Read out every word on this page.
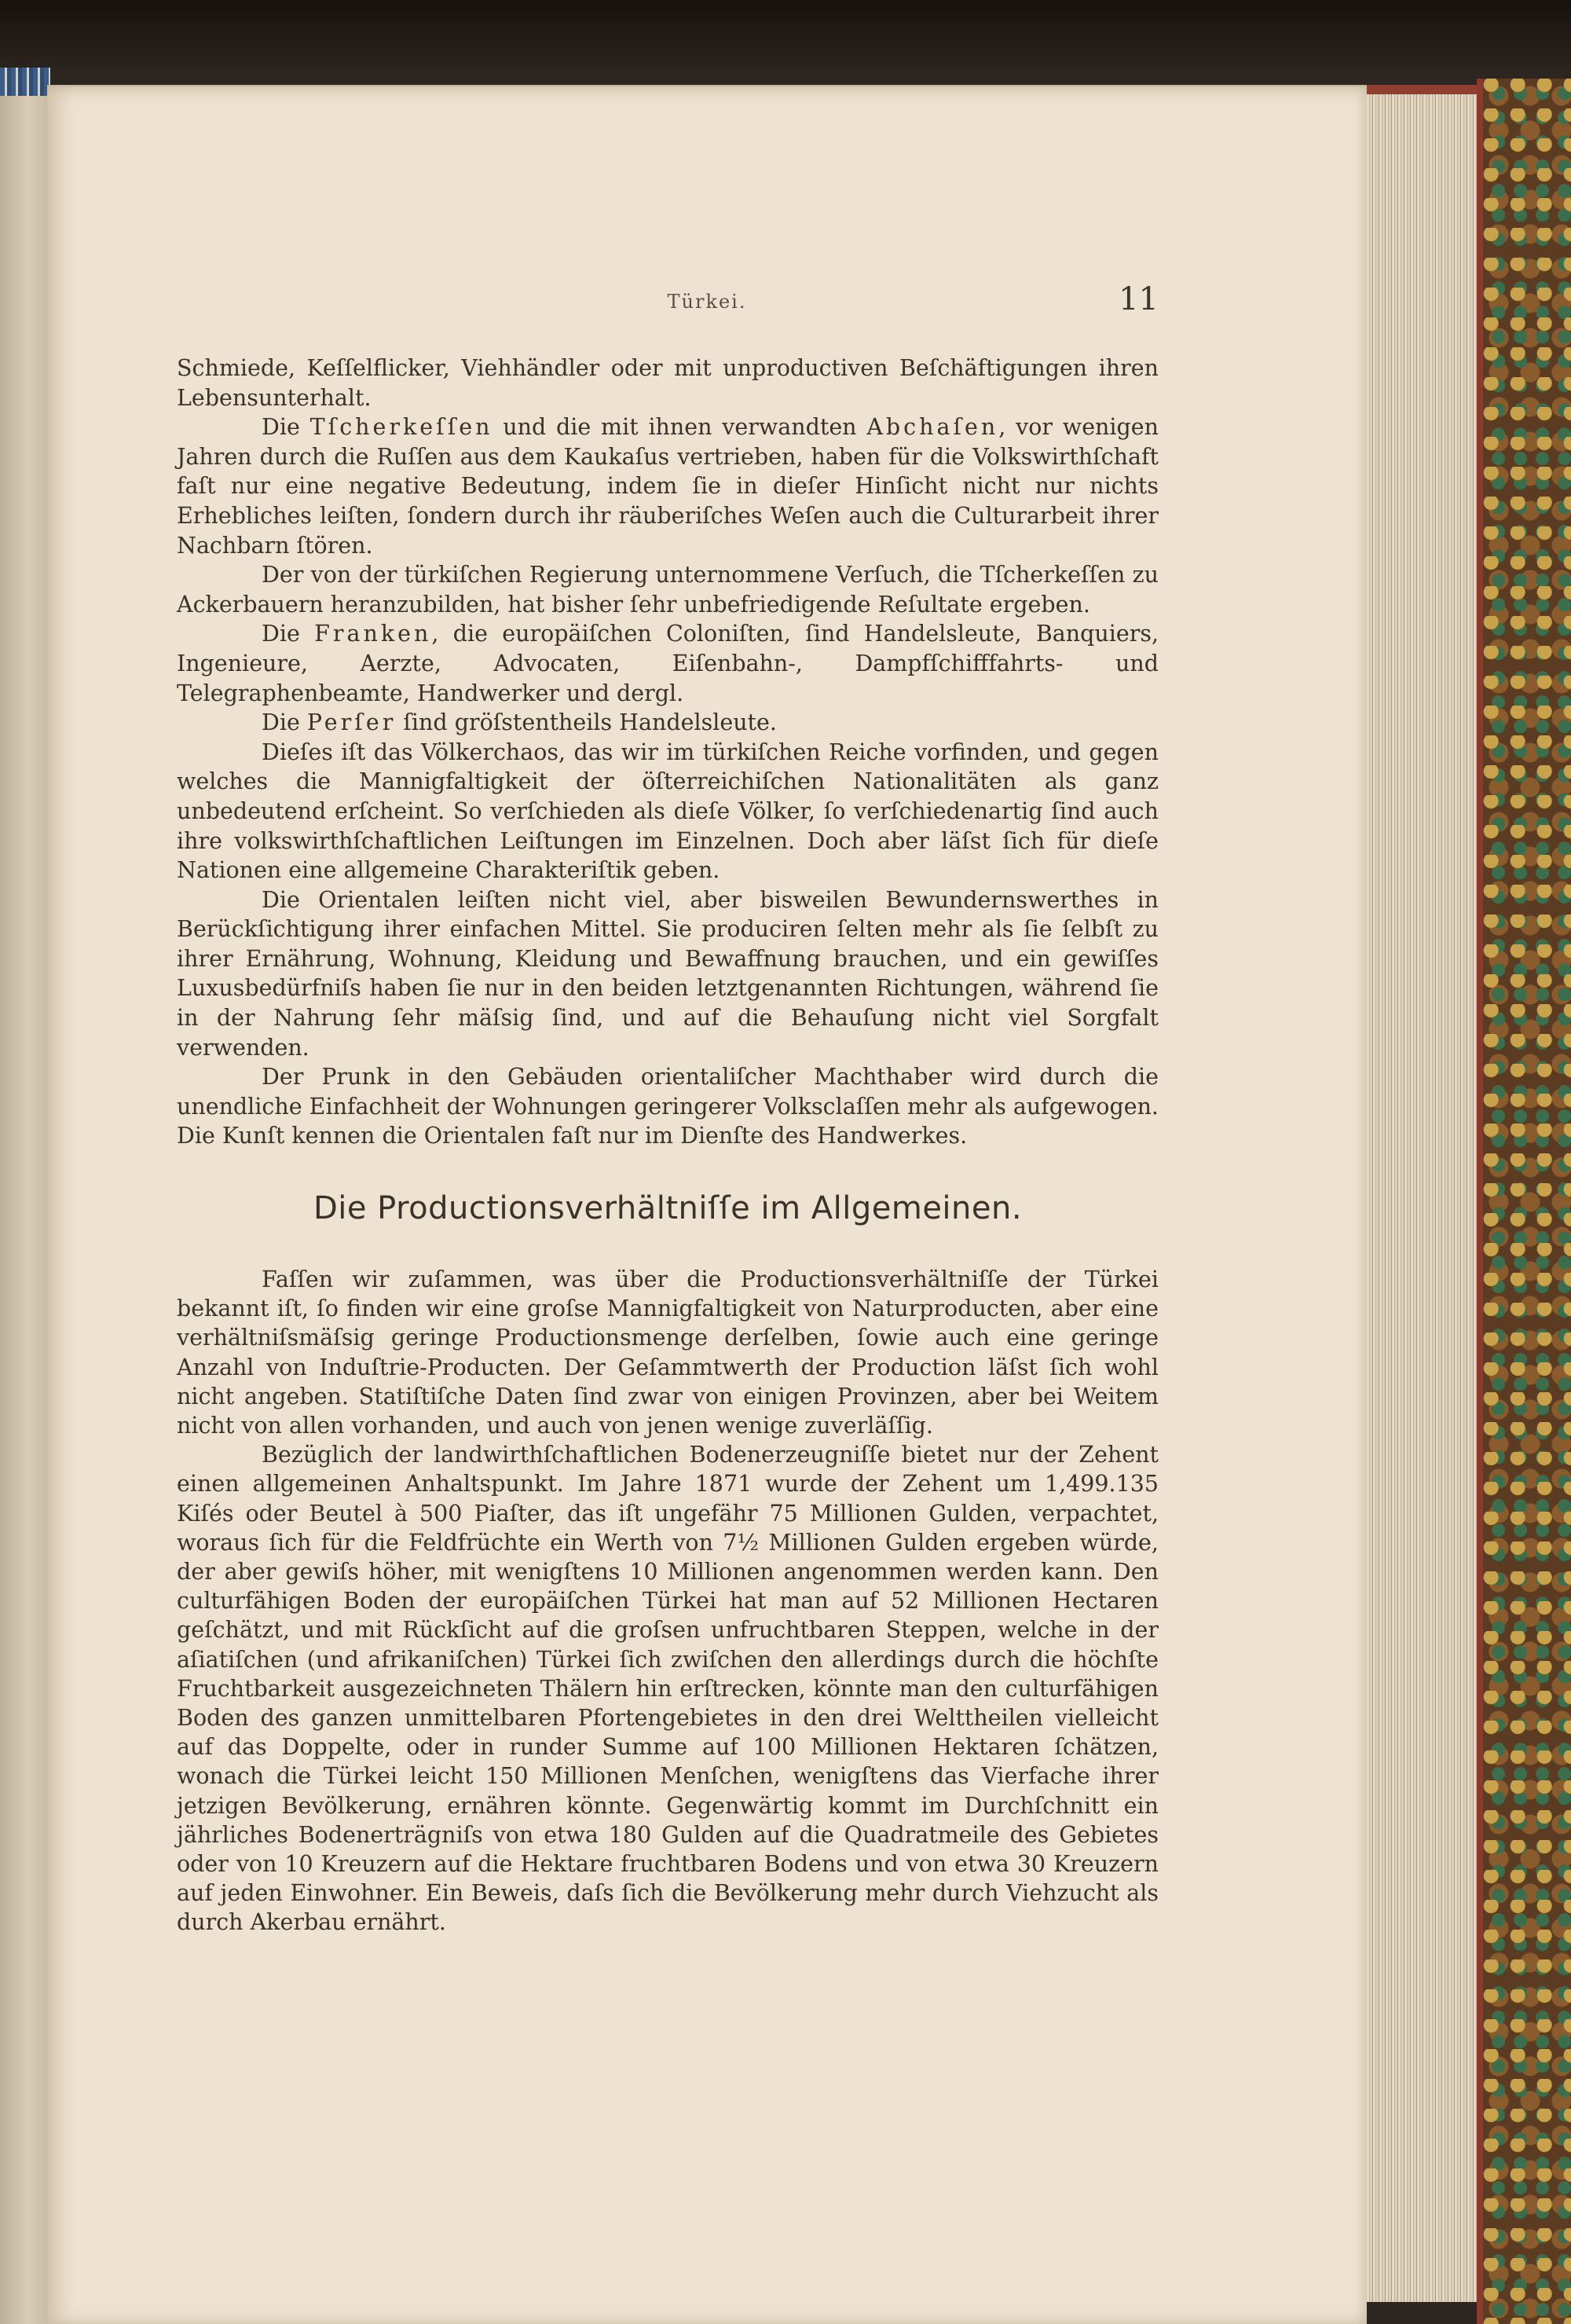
Türkei.	11

Schmiede, Keſſelflicker, Viehhändler oder mit unproductiven Beſchäftigungen ihren Lebensunterhalt.

Die Tſcherkeſſen und die mit ihnen verwandten Abchaſen, vor wenigen Jahren durch die Ruſſen aus dem Kaukaſus vertrieben, haben für die Volkswirthſchaft faſt nur eine negative Bedeutung, indem ſie in dieſer Hinſicht nicht nur nichts Erhebliches leiſten, ſondern durch ihr räuberiſches Weſen auch die Culturarbeit ihrer Nachbarn ſtören.

Der von der türkiſchen Regierung unternommene Verſuch, die Tſcherkeſſen zu Ackerbauern heranzubilden, hat bisher ſehr unbefriedigende Reſultate ergeben.

Die Franken, die europäiſchen Coloniſten, ſind Handelsleute, Banquiers, Ingenieure, Aerzte, Advocaten, Eiſenbahn-, Dampfſchifffahrts- und Telegraphenbeamte, Handwerker und dergl.

Die Perſer ſind gröſstentheils Handelsleute.

Dieſes iſt das Völkerchaos, das wir im türkiſchen Reiche vorfinden, und gegen welches die Mannigfaltigkeit der öſterreichiſchen Nationalitäten als ganz unbedeutend erſcheint. So verſchieden als dieſe Völker, ſo verſchiedenartig ſind auch ihre volkswirthſchaftlichen Leiſtungen im Einzelnen. Doch aber läſst ſich für dieſe Nationen eine allgemeine Charakteriſtik geben.

Die Orientalen leiſten nicht viel, aber bisweilen Bewundernswerthes in Berückſichtigung ihrer einfachen Mittel. Sie produciren ſelten mehr als ſie ſelbſt zu ihrer Ernährung, Wohnung, Kleidung und Bewaffnung brauchen, und ein gewiſſes Luxusbedürfniſs haben ſie nur in den beiden letztgenannten Richtungen, während ſie in der Nahrung ſehr mäſsig ſind, und auf die Behauſung nicht viel Sorgfalt verwenden.

Der Prunk in den Gebäuden orientaliſcher Machthaber wird durch die unendliche Einfachheit der Wohnungen geringerer Volksclaſſen mehr als aufgewogen. Die Kunſt kennen die Orientalen faſt nur im Dienſte des Handwerkes.

Die Productionsverhältniſſe im Allgemeinen.

Faſſen wir zuſammen, was über die Productionsverhältniſſe der Türkei bekannt iſt, ſo finden wir eine groſse Mannigfaltigkeit von Naturproducten, aber eine verhältniſsmäſsig geringe Productionsmenge derſelben, ſowie auch eine geringe Anzahl von Induſtrie-Producten. Der Geſammtwerth der Production läſst ſich wohl nicht angeben. Statiſtiſche Daten ſind zwar von einigen Provinzen, aber bei Weitem nicht von allen vorhanden, und auch von jenen wenige zuverläſſig.

Bezüglich der landwirthſchaftlichen Bodenerzeugniſſe bietet nur der Zehent einen allgemeinen Anhaltspunkt. Im Jahre 1871 wurde der Zehent um 1,499.135 Kiſés oder Beutel à 500 Piaſter, das iſt ungefähr 75 Millionen Gulden, verpachtet, woraus ſich für die Feldfrüchte ein Werth von 7½ Millionen Gulden ergeben würde, der aber gewiſs höher, mit wenigſtens 10 Millionen angenommen werden kann. Den culturfähigen Boden der europäiſchen Türkei hat man auf 52 Millionen Hectaren geſchätzt, und mit Rückſicht auf die groſsen unfruchtbaren Steppen, welche in der aſiatiſchen (und afrikaniſchen) Türkei ſich zwiſchen den allerdings durch die höchſte Fruchtbarkeit ausgezeichneten Thälern hin erſtrecken, könnte man den culturfähigen Boden des ganzen unmittelbaren Pfortengebietes in den drei Welttheilen vielleicht auf das Doppelte, oder in runder Summe auf 100 Millionen Hektaren ſchätzen, wonach die Türkei leicht 150 Millionen Menſchen, wenigſtens das Vierfache ihrer jetzigen Bevölkerung, ernähren könnte. Gegenwärtig kommt im Durchſchnitt ein jährliches Bodenerträgniſs von etwa 180 Gulden auf die Quadratmeile des Gebietes oder von 10 Kreuzern auf die Hektare fruchtbaren Bodens und von etwa 30 Kreuzern auf jeden Einwohner. Ein Beweis, daſs ſich die Bevölkerung mehr durch Viehzucht als durch Akerbau ernährt.
